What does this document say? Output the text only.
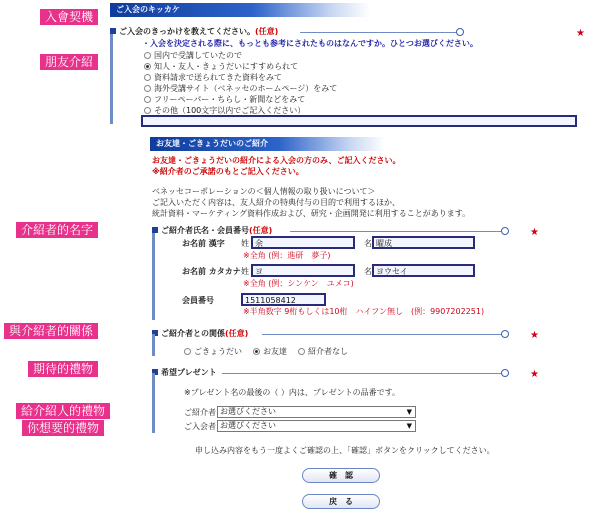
入會契機
朋友介紹
介紹者的名字
與介紹者的關係
期待的禮物
給介紹人的禮物
你想要的禮物
ご入会のキッカケ
ご入会のきっかけを教えてください。(任意)	★
・入会を決定される際に、もっとも参考にされたものはなんですか。ひとつお選びください。
国内で受講していたので
知人・友人・きょうだいにすすめられて
資料請求で送られてきた資料をみて
海外受講サイト（ベネッセのホームページ）をみて
フリーペーパー・ちらし・新聞などをみて
その他（100文字以内でご記入ください）
お友達・ごきょうだいのご紹介
お友達・ごきょうだいの紹介による入会の方のみ、ご記入ください。
※紹介者のご承諾のもとご記入ください。
ベネッセコーポレーションの＜個人情報の取り扱いについて＞
ご記入いただく内容は、友人紹介の特典付与の目的で利用するほか、
統計資料・マーケティング資料作成および、研究・企画開発に利用することがあります。
ご紹介者氏名・会員番号(任意)	★
お名前 漢字 姓 余	名 曜成
※全角 (例：進研　夢子)
お名前 カタカナ 姓 ヨ	名 ヨウセイ
※全角 (例：シンケン　ユメコ)
会員番号	1511058412
※半角数字 9桁もしくは10桁　ハイフン無し　(例：9907202251)
ご紹介者との関係(任意)	★
ごきょうだい	お友達	紹介者なし
希望プレゼント	★
※プレゼント名の最後の（ ）内は、プレゼントの品番です。
ご紹介者 お選びください	▼
ご入会者 お選びください	▼
申し込み内容をもう一度よくご確認の上、「確認」ボタンをクリックしてください。
確　認
戻　る
